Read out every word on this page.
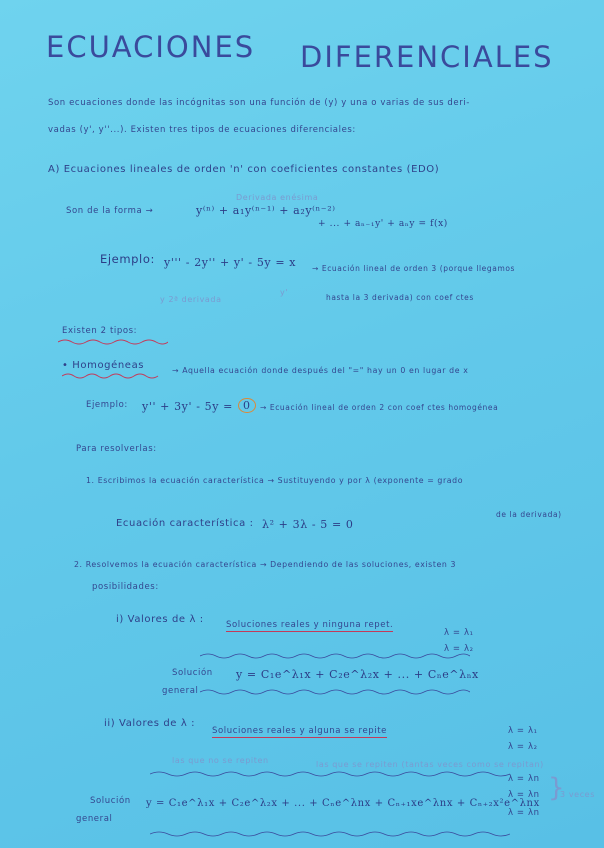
ECUACIONES DIFERENCIALES
Son ecuaciones donde las incógnitas son una función de (y) y una o varias de sus deri-
vadas (y', y''...). Existen tres tipos de ecuaciones diferenciales:
A) Ecuaciones lineales de orden 'n' con coeficientes constantes (EDO)
Derivada enésima
Son de la forma →	y⁽ⁿ⁾ + a₁y⁽ⁿ⁻¹⁾ + a₂y⁽ⁿ⁻²⁾
+ ... + aₙ₋₁y' + aₙy = f(x)
Ejemplo: y''' - 2y'' + y' - 5y = x → Ecuación lineal de orden 3 (porque llegamos
hasta la 3 derivada) con coef ctes
y 2ª derivada
y'
Existen 2 tipos:
• Homogéneas	→ Aquella ecuación donde después del "=" hay un 0 en lugar de x
Ejemplo: y'' + 3y' - 5y = 0	→ Ecuación lineal de orden 2 con coef ctes homogénea
Para resolverlas:
1. Escribimos la ecuación característica → Sustituyendo y por λ (exponente = grado
de la derivada)
Ecuación característica : λ² + 3λ - 5 = 0
2. Resolvemos la ecuación característica → Dependiendo de las soluciones, existen 3
posibilidades:
i) Valores de λ :	Soluciones reales y ninguna repet.
λ = λ₁
λ = λ₂
Solución
general
y = C₁e^λ₁x + C₂e^λ₂x + ... + Cₙe^λₙx
ii) Valores de λ :
Soluciones reales y alguna se repite	λ = λ₁
λ = λ₂
λ = λn
λ = λn
λ = λn
3 veces
}
las que no se repiten	las que se repiten (tantas veces como se repitan)
Solución
general
y = C₁e^λ₁x + C₂e^λ₂x + ... + Cₙe^λnx + Cₙ₊₁xe^λnx + Cₙ₊₂x²e^λnx
